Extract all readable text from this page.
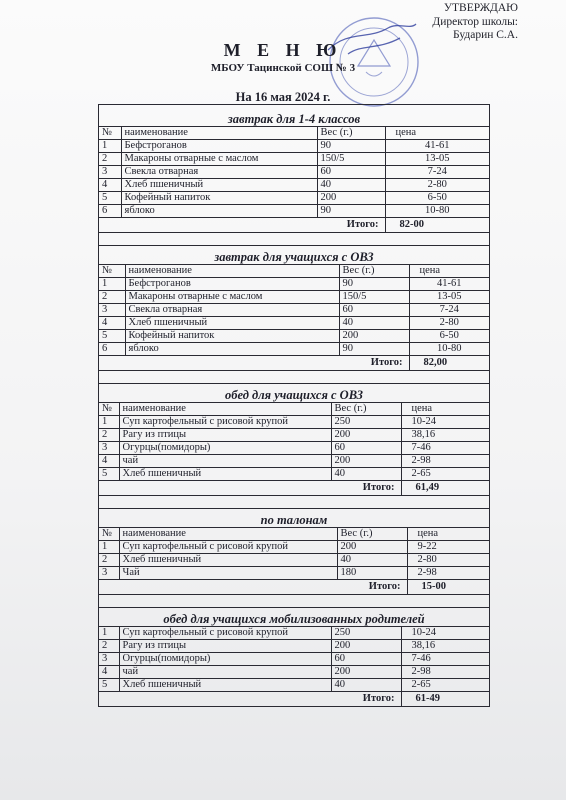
УТВЕРЖДАЮ
Директор школы:
Бударин С.А.
М Е Н Ю
МБОУ Тацинской СОШ № 3
На 16 мая 2024 г.
завтрак для 1-4 классов
№	наименование	Вес (г.)	цена
1	Бефстроганов	90	41-61
2	Макароны отварные с маслом	150/5	13-05
3	Свекла отварная	60	7-24
4	Хлеб пшеничный	40	2-80
5	Кофейный напиток	200	6-50
6	яблоко	90	10-80
Итого:			82-00
завтрак для учащихся с ОВЗ
№	наименование	Вес (г.)	цена
1	Бефстроганов	90	41-61
2	Макароны отварные с маслом	150/5	13-05
3	Свекла отварная	60	7-24
4	Хлеб пшеничный	40	2-80
5	Кофейный напиток	200	6-50
6	яблоко	90	10-80
Итого:			82,00
обед для учащихся с ОВЗ
№	наименование	Вес (г.)	цена
1	Суп картофельный с рисовой крупой	250	10-24
2	Рагу из птицы	200	38,16
3	Огурцы(помидоры)	60	7-46
4	чай	200	2-98
5	Хлеб пшеничный	40	2-65
Итого:			61,49
по талонам
№	наименование	Вес (г.)	цена
1	Суп картофельный с рисовой крупой	200	9-22
2	Хлеб пшеничный	40	2-80
3	Чай	180	2-98
Итого:			15-00
обед для учащихся мобилизованных родителей
1	Суп картофельный с рисовой крупой	250	10-24
2	Рагу из птицы	200	38,16
3	Огурцы(помидоры)	60	7-46
4	чай	200	2-98
5	Хлеб пшеничный	40	2-65
Итого:			61-49
